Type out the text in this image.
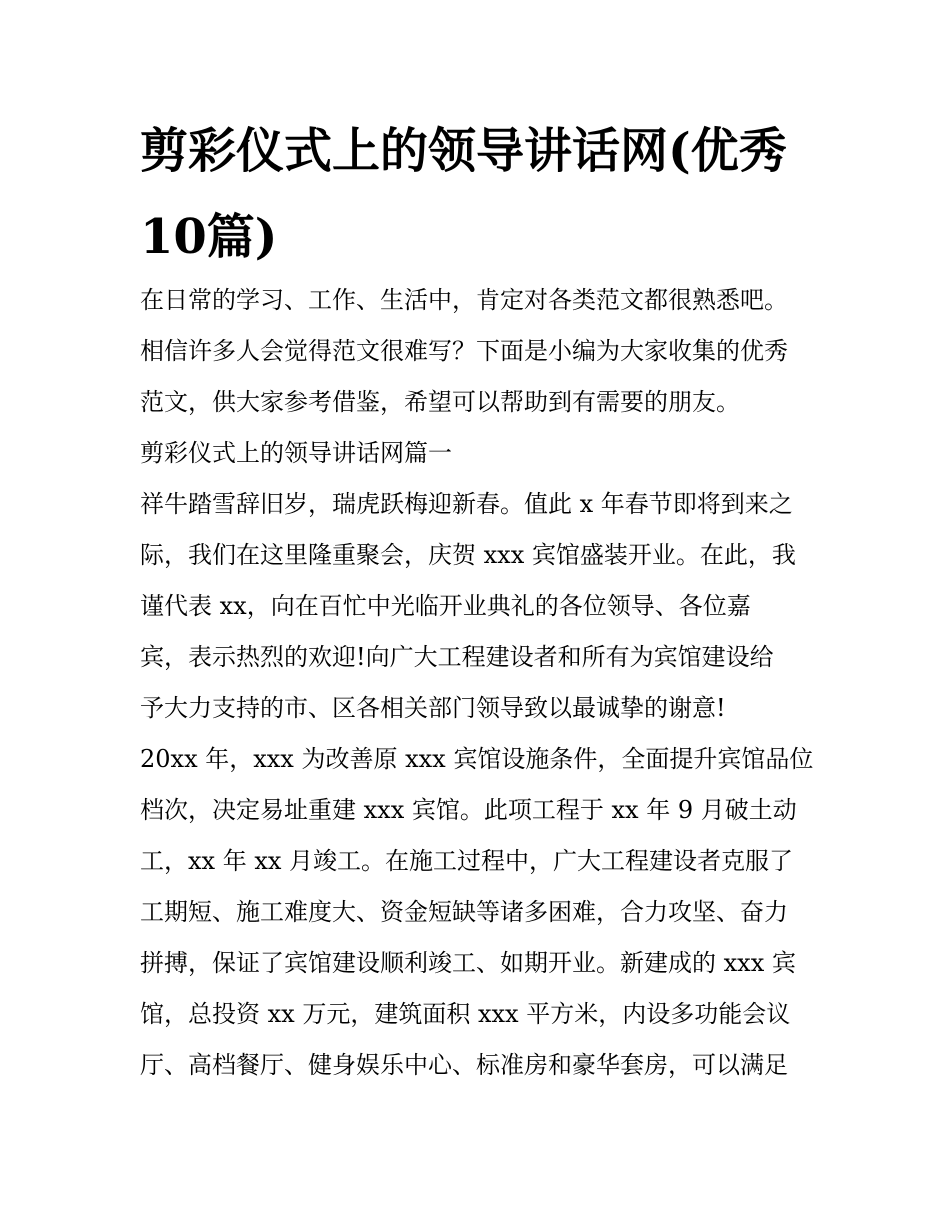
剪彩仪式上的领导讲话网(优秀10篇)

在日常的学习、工作、生活中，肯定对各类范文都很熟悉吧。

相信许多人会觉得范文很难写？下面是小编为大家收集的优秀

范文，供大家参考借鉴，希望可以帮助到有需要的朋友。

剪彩仪式上的领导讲话网篇一

祥牛踏雪辞旧岁，瑞虎跃梅迎新春。值此 x 年春节即将到来之

际，我们在这里隆重聚会，庆贺 xxx 宾馆盛装开业。在此，我

谨代表 xx，向在百忙中光临开业典礼的各位领导、各位嘉

宾，表示热烈的欢迎!向广大工程建设者和所有为宾馆建设给

予大力支持的市、区各相关部门领导致以最诚挚的谢意!

20xx 年，xxx 为改善原 xxx 宾馆设施条件，全面提升宾馆品位

档次，决定易址重建 xxx 宾馆。此项工程于 xx 年 9 月破土动

工，xx 年 xx 月竣工。在施工过程中，广大工程建设者克服了

工期短、施工难度大、资金短缺等诸多困难，合力攻坚、奋力

拼搏，保证了宾馆建设顺利竣工、如期开业。新建成的 xxx 宾

馆，总投资 xx 万元，建筑面积 xxx 平方米，内设多功能会议

厅、高档餐厅、健身娱乐中心、标准房和豪华套房，可以满足
